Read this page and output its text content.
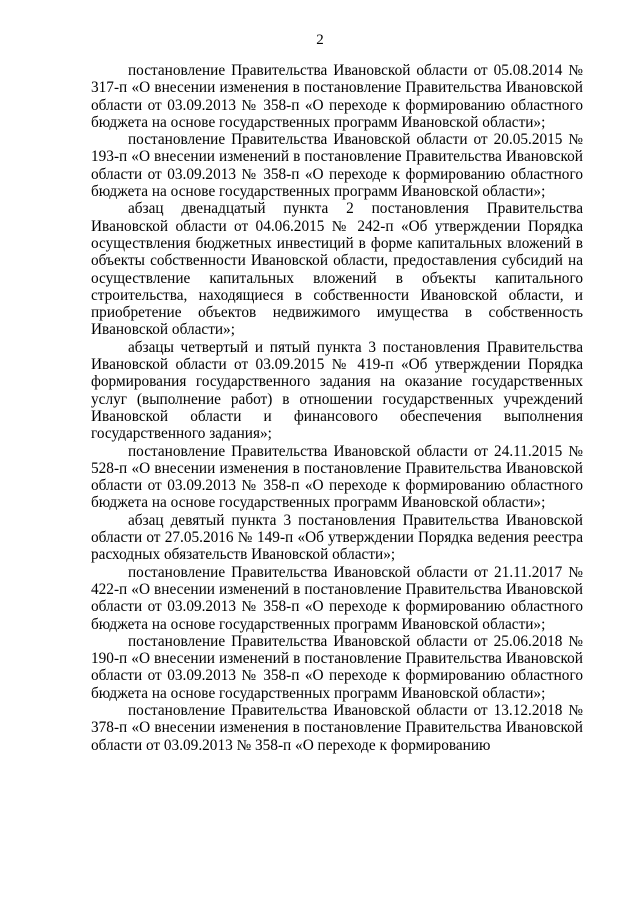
2

постановление Правительства Ивановской области от 05.08.2014 № 317-п «О внесении изменения в постановление Правительства Ивановской области от 03.09.2013 № 358-п «О переходе к формированию областного бюджета на основе государственных программ Ивановской области»;

постановление Правительства Ивановской области от 20.05.2015 № 193-п «О внесении изменений в постановление Правительства Ивановской области от 03.09.2013 № 358-п «О переходе к формированию областного бюджета на основе государственных программ Ивановской области»;

абзац двенадцатый пункта 2 постановления Правительства Ивановской области от 04.06.2015 № 242-п «Об утверждении Порядка осуществления бюджетных инвестиций в форме капитальных вложений в объекты собственности Ивановской области, предоставления субсидий на осуществление капитальных вложений в объекты капитального строительства, находящиеся в собственности Ивановской области, и приобретение объектов недвижимого имущества в собственность Ивановской области»;

абзацы четвертый и пятый пункта 3 постановления Правительства Ивановской области от 03.09.2015 № 419-п «Об утверждении Порядка формирования государственного задания на оказание государственных услуг (выполнение работ) в отношении государственных учреждений Ивановской области и финансового обеспечения выполнения государственного задания»;

постановление Правительства Ивановской области от 24.11.2015 № 528-п «О внесении изменения в постановление Правительства Ивановской области от 03.09.2013 № 358-п «О переходе к формированию областного бюджета на основе государственных программ Ивановской области»;

абзац девятый пункта 3 постановления Правительства Ивановской области от 27.05.2016 № 149-п «Об утверждении Порядка ведения реестра расходных обязательств Ивановской области»;

постановление Правительства Ивановской области от 21.11.2017 № 422-п «О внесении изменений в постановление Правительства Ивановской области от 03.09.2013 № 358-п «О переходе к формированию областного бюджета на основе государственных программ Ивановской области»;

постановление Правительства Ивановской области от 25.06.2018 № 190-п «О внесении изменений в постановление Правительства Ивановской области от 03.09.2013 № 358-п «О переходе к формированию областного бюджета на основе государственных программ Ивановской области»;

постановление Правительства Ивановской области от 13.12.2018 № 378-п «О внесении изменения в постановление Правительства Ивановской области от 03.09.2013 № 358-п «О переходе к формированию
